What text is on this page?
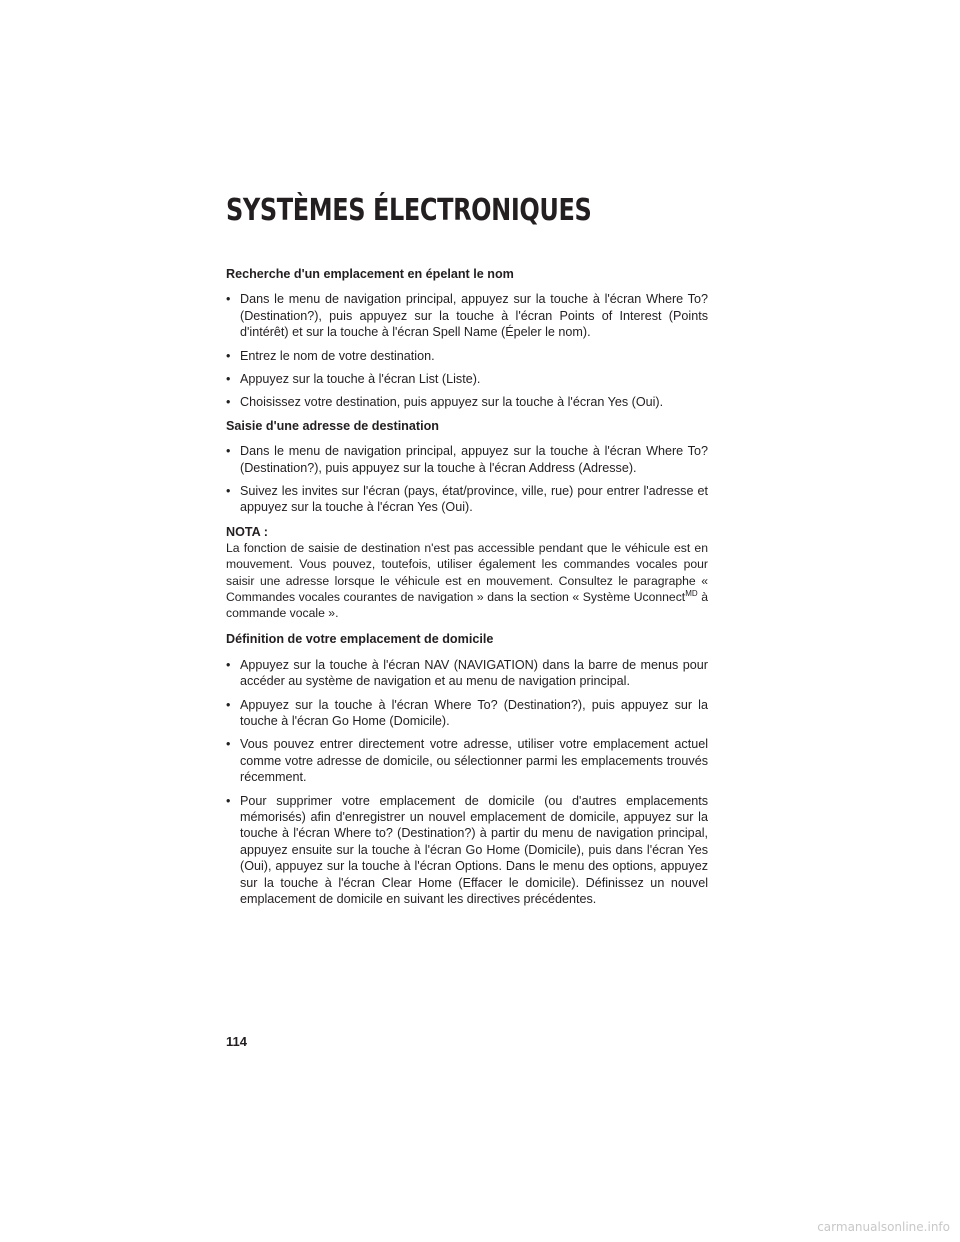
SYSTÈMES ÉLECTRONIQUES
Recherche d'un emplacement en épelant le nom
• Dans le menu de navigation principal, appuyez sur la touche à l'écran Where To? (Destination?), puis appuyez sur la touche à l'écran Points of Interest (Points d'intérêt) et sur la touche à l'écran Spell Name (Épeler le nom).
• Entrez le nom de votre destination.
• Appuyez sur la touche à l'écran List (Liste).
• Choisissez votre destination, puis appuyez sur la touche à l'écran Yes (Oui).
Saisie d'une adresse de destination
• Dans le menu de navigation principal, appuyez sur la touche à l'écran Where To? (Destination?), puis appuyez sur la touche à l'écran Address (Adresse).
• Suivez les invites sur l'écran (pays, état/province, ville, rue) pour entrer l'adresse et appuyez sur la touche à l'écran Yes (Oui).
NOTA :

La fonction de saisie de destination n'est pas accessible pendant que le véhicule est en mouvement. Vous pouvez, toutefois, utiliser également les commandes vocales pour saisir une adresse lorsque le véhicule est en mouvement. Consultez le paragraphe « Commandes vocales courantes de navigation » dans la section « Système Uconnect$^{MD}$ à commande vocale ».

Définition de votre emplacement de domicile
• Appuyez sur la touche à l'écran NAV (NAVIGATION) dans la barre de menus pour accéder au système de navigation et au menu de navigation principal.
• Appuyez sur la touche à l'écran Where To? (Destination?), puis appuyez sur la touche à l'écran Go Home (Domicile).
• Vous pouvez entrer directement votre adresse, utiliser votre emplacement actuel comme votre adresse de domicile, ou sélectionner parmi les emplacements trouvés récemment.
• Pour supprimer votre emplacement de domicile (ou d'autres emplacements mémorisés) afin d'enregistrer un nouvel emplacement de domicile, appuyez sur la touche à l'écran Where to? (Destination?) à partir du menu de navigation principal, appuyez ensuite sur la touche à l'écran Go Home (Domicile), puis dans l'écran Yes (Oui), appuyez sur la touche à l'écran Options. Dans le menu des options, appuyez sur la touche à l'écran Clear Home (Effacer le domicile). Définissez un nouvel emplacement de domicile en suivant les directives précédentes.
114
carmanualsonline.info
